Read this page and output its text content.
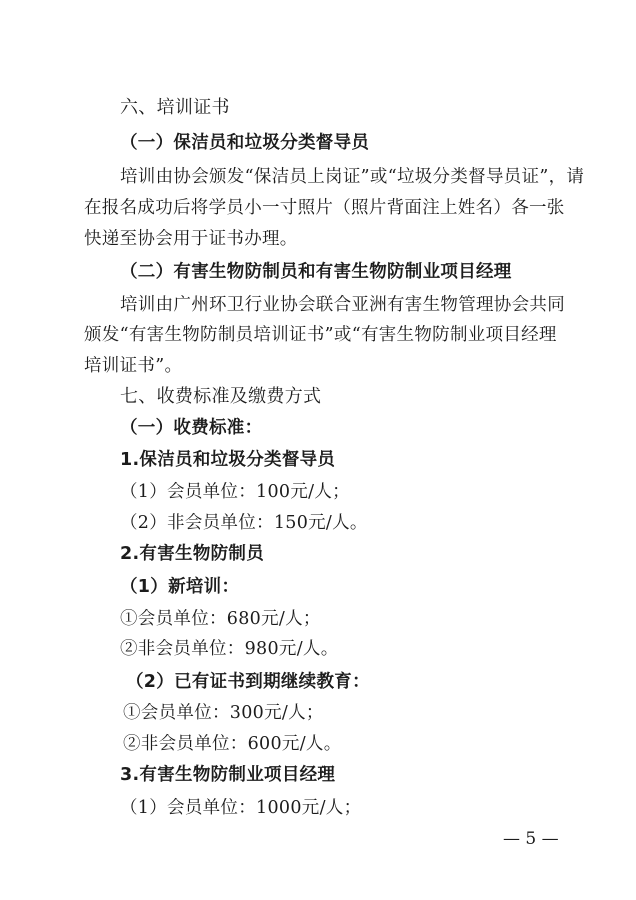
六、培训证书
（一）保洁员和垃圾分类督导员
培训由协会颁发“保洁员上岗证”或“垃圾分类督导员证”，请
在报名成功后将学员小一寸照片（照片背面注上姓名）各一张
快递至协会用于证书办理。
（二）有害生物防制员和有害生物防制业项目经理
培训由广州环卫行业协会联合亚洲有害生物管理协会共同
颁发“有害生物防制员培训证书”或“有害生物防制业项目经理
培训证书”。
七、收费标准及缴费方式
（一）收费标准：
1.保洁员和垃圾分类督导员
（1）会员单位：100元/人；
（2）非会员单位：150元/人。
2.有害生物防制员
（1）新培训：
①会员单位：680元/人；
②非会员单位：980元/人。
（2）已有证书到期继续教育：
①会员单位：300元/人；
②非会员单位：600元/人。
3.有害生物防制业项目经理
（1）会员单位：1000元/人；
— 5 —
